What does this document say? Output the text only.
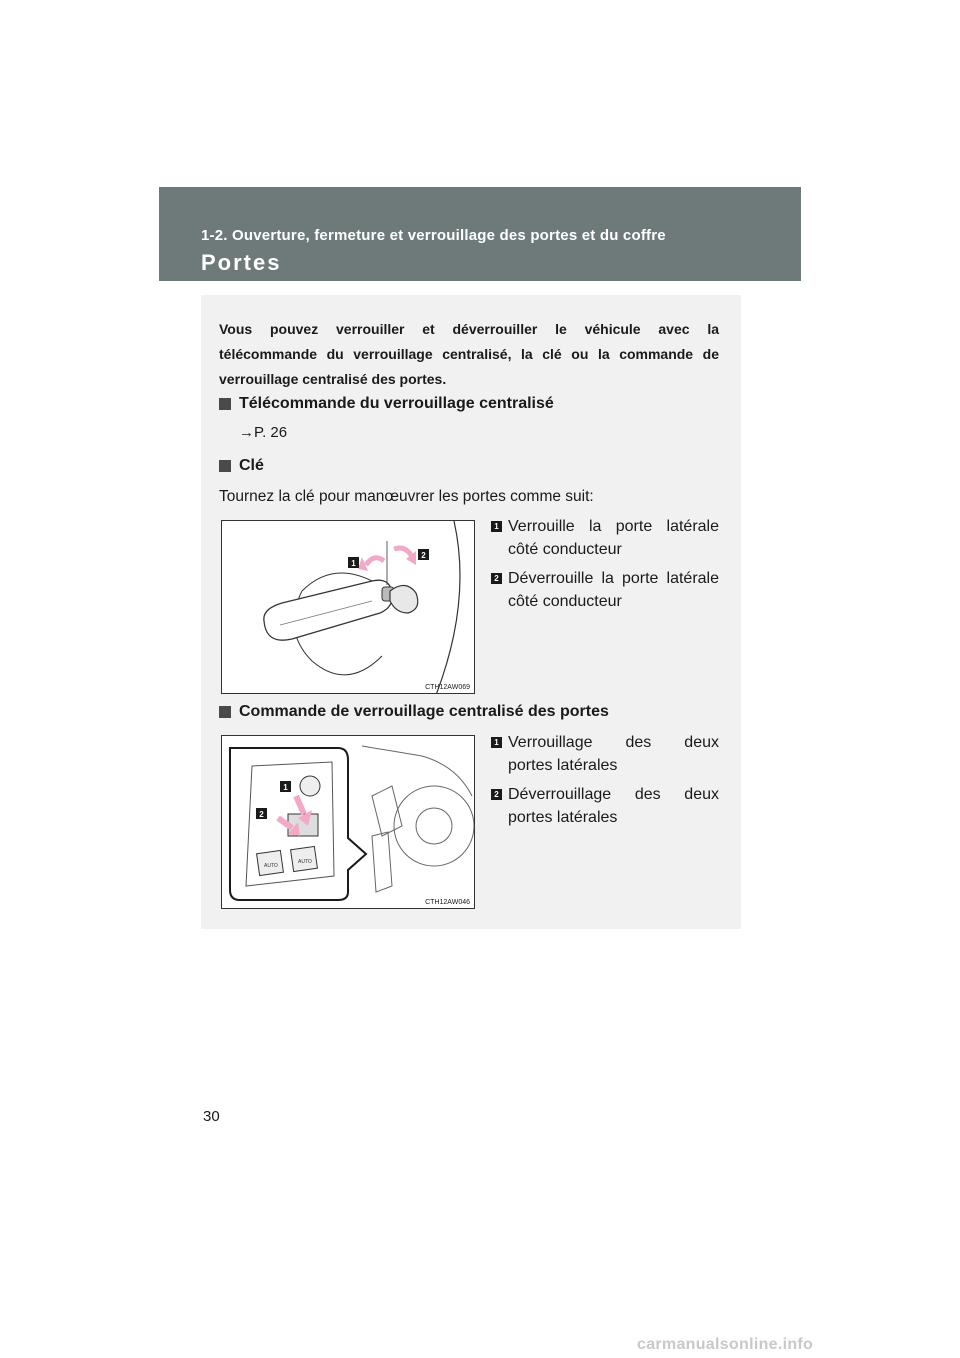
1-2. Ouverture, fermeture et verrouillage des portes et du coffre
Portes
Vous pouvez verrouiller et déverrouiller le véhicule avec la
télécommande du verrouillage centralisé, la clé ou la commande de
verrouillage centralisé des portes.
Télécommande du verrouillage centralisé
→P. 26
Clé
Tournez la clé pour manœuvrer les portes comme suit:
1
2
CTH12AW069
1 Verrouille la porte latérale
côté conducteur
2 Déverrouille la porte latérale
côté conducteur
Commande de verrouillage centralisé des portes
1
2
AUTO
AUTO
CTH12AW046
1 Verrouillage des deux
portes latérales
2 Déverrouillage des deux
portes latérales
30
carmanualsonline.info
